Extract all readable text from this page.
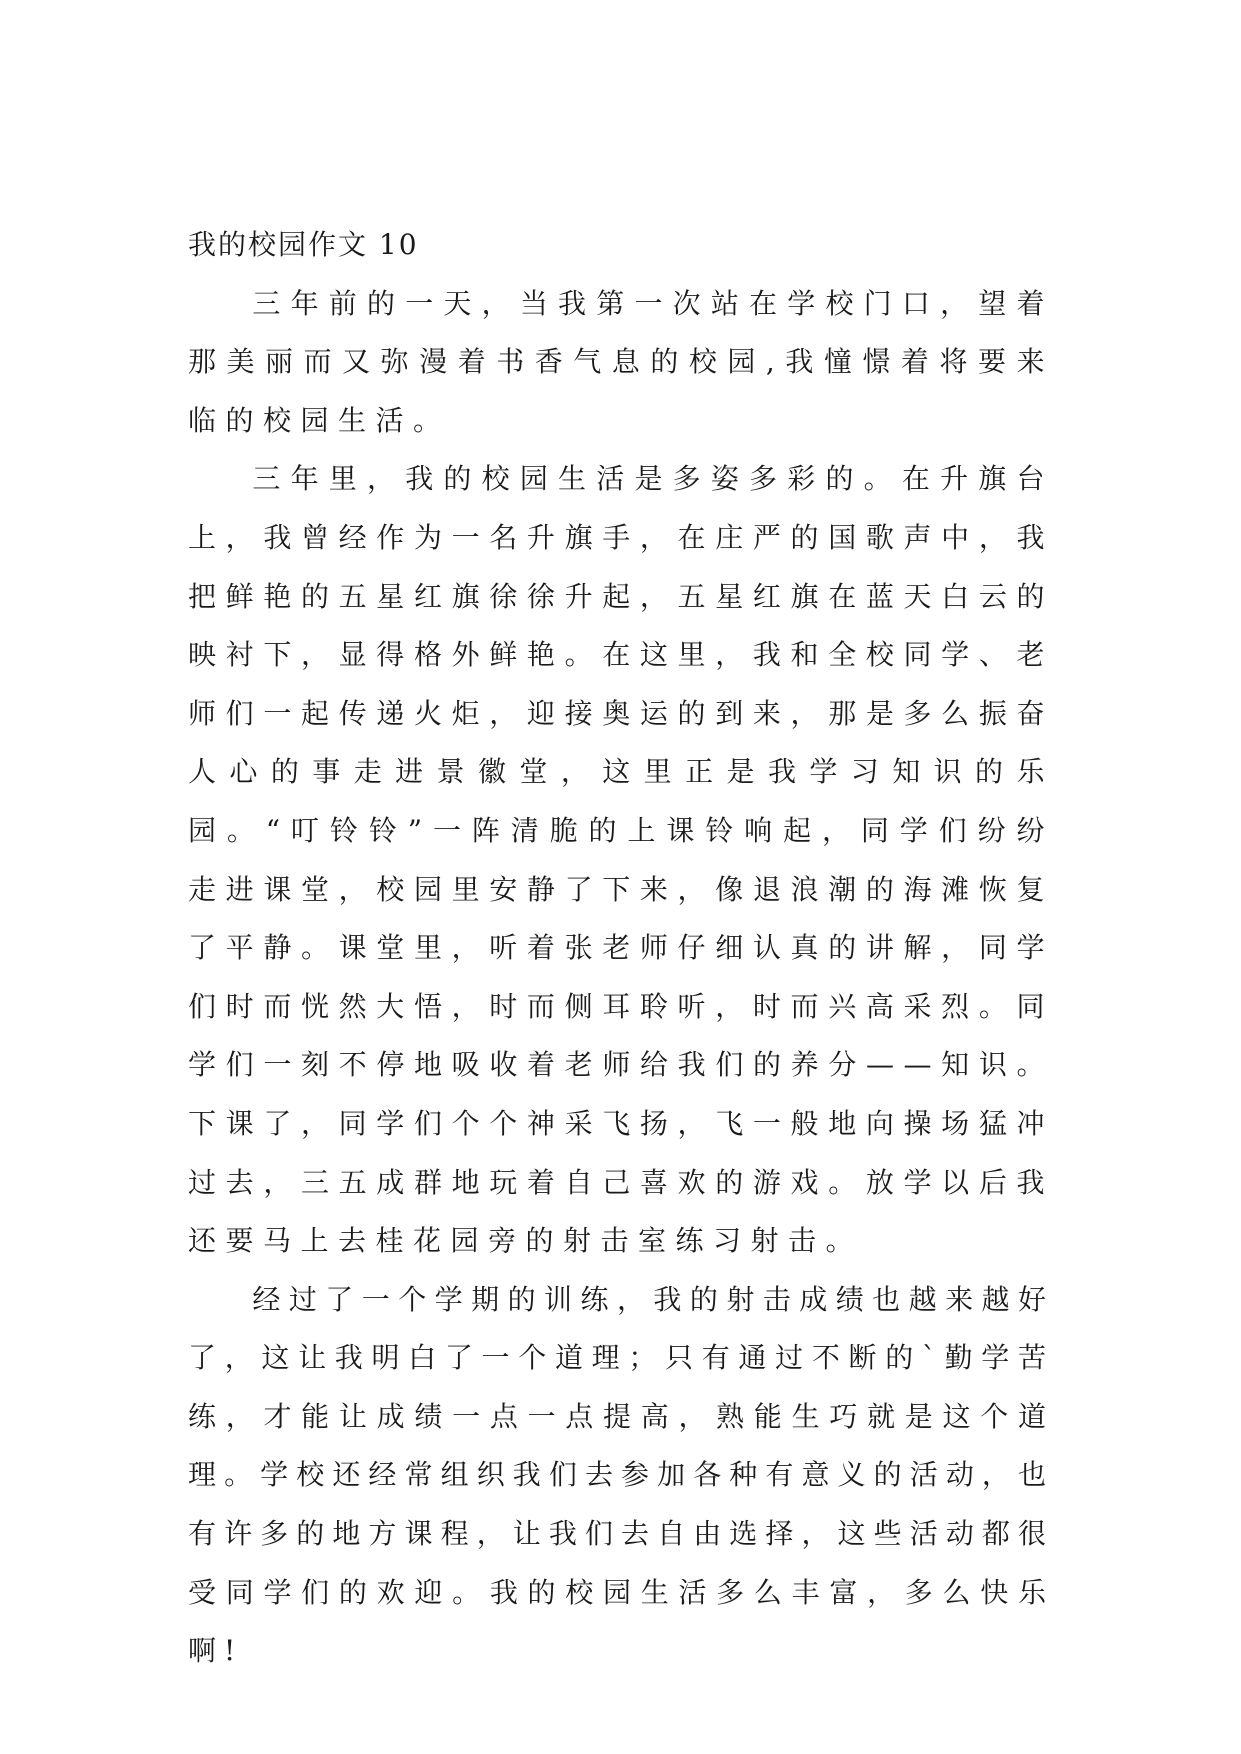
我的校园作文 10

三年前的一天，当我第一次站在学校门口，望着那美丽而又弥漫着书香气息的校园,我憧憬着将要来临的校园生活。

三年里，我的校园生活是多姿多彩的。在升旗台上，我曾经作为一名升旗手，在庄严的国歌声中，我把鲜艳的五星红旗徐徐升起，五星红旗在蓝天白云的映衬下，显得格外鲜艳。在这里，我和全校同学、老师们一起传递火炬，迎接奥运的到来，那是多么振奋人心的事走进景徽堂，这里正是我学习知识的乐园。“叮铃铃”一阵清脆的上课铃响起，同学们纷纷走进课堂，校园里安静了下来，像退浪潮的海滩恢复了平静。课堂里，听着张老师仔细认真的讲解，同学们时而恍然大悟，时而侧耳聆听，时而兴高采烈。同学们一刻不停地吸收着老师给我们的养分——知识。下课了，同学们个个神采飞扬，飞一般地向操场猛冲过去，三五成群地玩着自己喜欢的游戏。放学以后我还要马上去桂花园旁的射击室练习射击。

经过了一个学期的训练，我的射击成绩也越来越好了，这让我明白了一个道理；只有通过不断的`勤学苦练，才能让成绩一点一点提高，熟能生巧就是这个道理。学校还经常组织我们去参加各种有意义的活动，也有许多的地方课程，让我们去自由选择，这些活动都很受同学们的欢迎。我的校园生活多么丰富，多么快乐啊!
